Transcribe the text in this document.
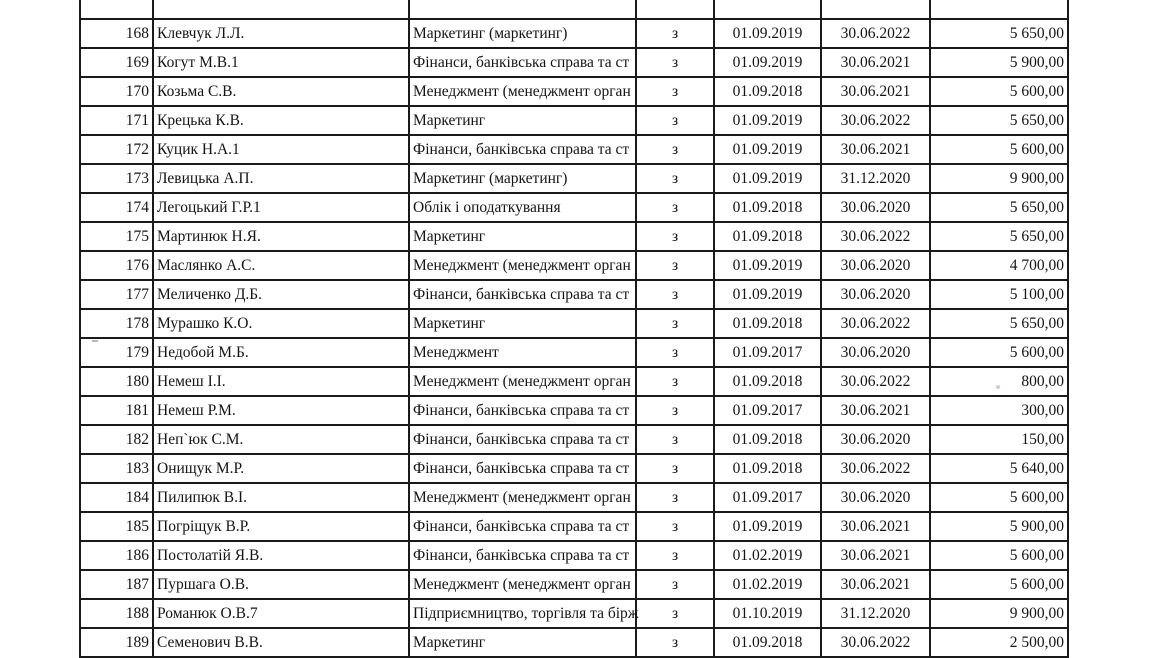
168	Клевчук Л.Л.	Маркетинг (маркетинг)	з	01.09.2019	30.06.2022	5 650,00
169	Когут М.В.1	Фінанси, банківська справа та ст	з	01.09.2019	30.06.2021	5 900,00
170	Козьма С.В.	Менеджмент (менеджмент орган	з	01.09.2018	30.06.2021	5 600,00
171	Крецька К.В.	Маркетинг	з	01.09.2019	30.06.2022	5 650,00
172	Куцик Н.А.1	Фінанси, банківська справа та ст	з	01.09.2019	30.06.2021	5 600,00
173	Левицька А.П.	Маркетинг (маркетинг)	з	01.09.2019	31.12.2020	9 900,00
174	Легоцький Г.Р.1	Облік і оподаткування	з	01.09.2018	30.06.2020	5 650,00
175	Мартинюк Н.Я.	Маркетинг	з	01.09.2018	30.06.2022	5 650,00
176	Маслянко А.С.	Менеджмент (менеджмент орган	з	01.09.2019	30.06.2020	4 700,00
177	Меличенко Д.Б.	Фінанси, банківська справа та ст	з	01.09.2019	30.06.2020	5 100,00
178	Мурашко К.О.	Маркетинг	з	01.09.2018	30.06.2022	5 650,00
179	Недобой М.Б.	Менеджмент	з	01.09.2017	30.06.2020	5 600,00
180	Немеш І.І.	Менеджмент (менеджмент орган	з	01.09.2018	30.06.2022	800,00
181	Немеш Р.М.	Фінанси, банківська справа та ст	з	01.09.2017	30.06.2021	300,00
182	Неп`юк С.М.	Фінанси, банківська справа та ст	з	01.09.2018	30.06.2020	150,00
183	Онищук М.Р.	Фінанси, банківська справа та ст	з	01.09.2018	30.06.2022	5 640,00
184	Пилипюк В.І.	Менеджмент (менеджмент орган	з	01.09.2017	30.06.2020	5 600,00
185	Погріщук В.Р.	Фінанси, банківська справа та ст	з	01.09.2019	30.06.2021	5 900,00
186	Постолатій Я.В.	Фінанси, банківська справа та ст	з	01.02.2019	30.06.2021	5 600,00
187	Пуршага О.В.	Менеджмент (менеджмент орган	з	01.02.2019	30.06.2021	5 600,00
188	Романюк О.В.7	Підприємництво, торгівля та бірж	з	01.10.2019	31.12.2020	9 900,00
189	Семенович В.В.	Маркетинг	з	01.09.2018	30.06.2022	2 500,00
